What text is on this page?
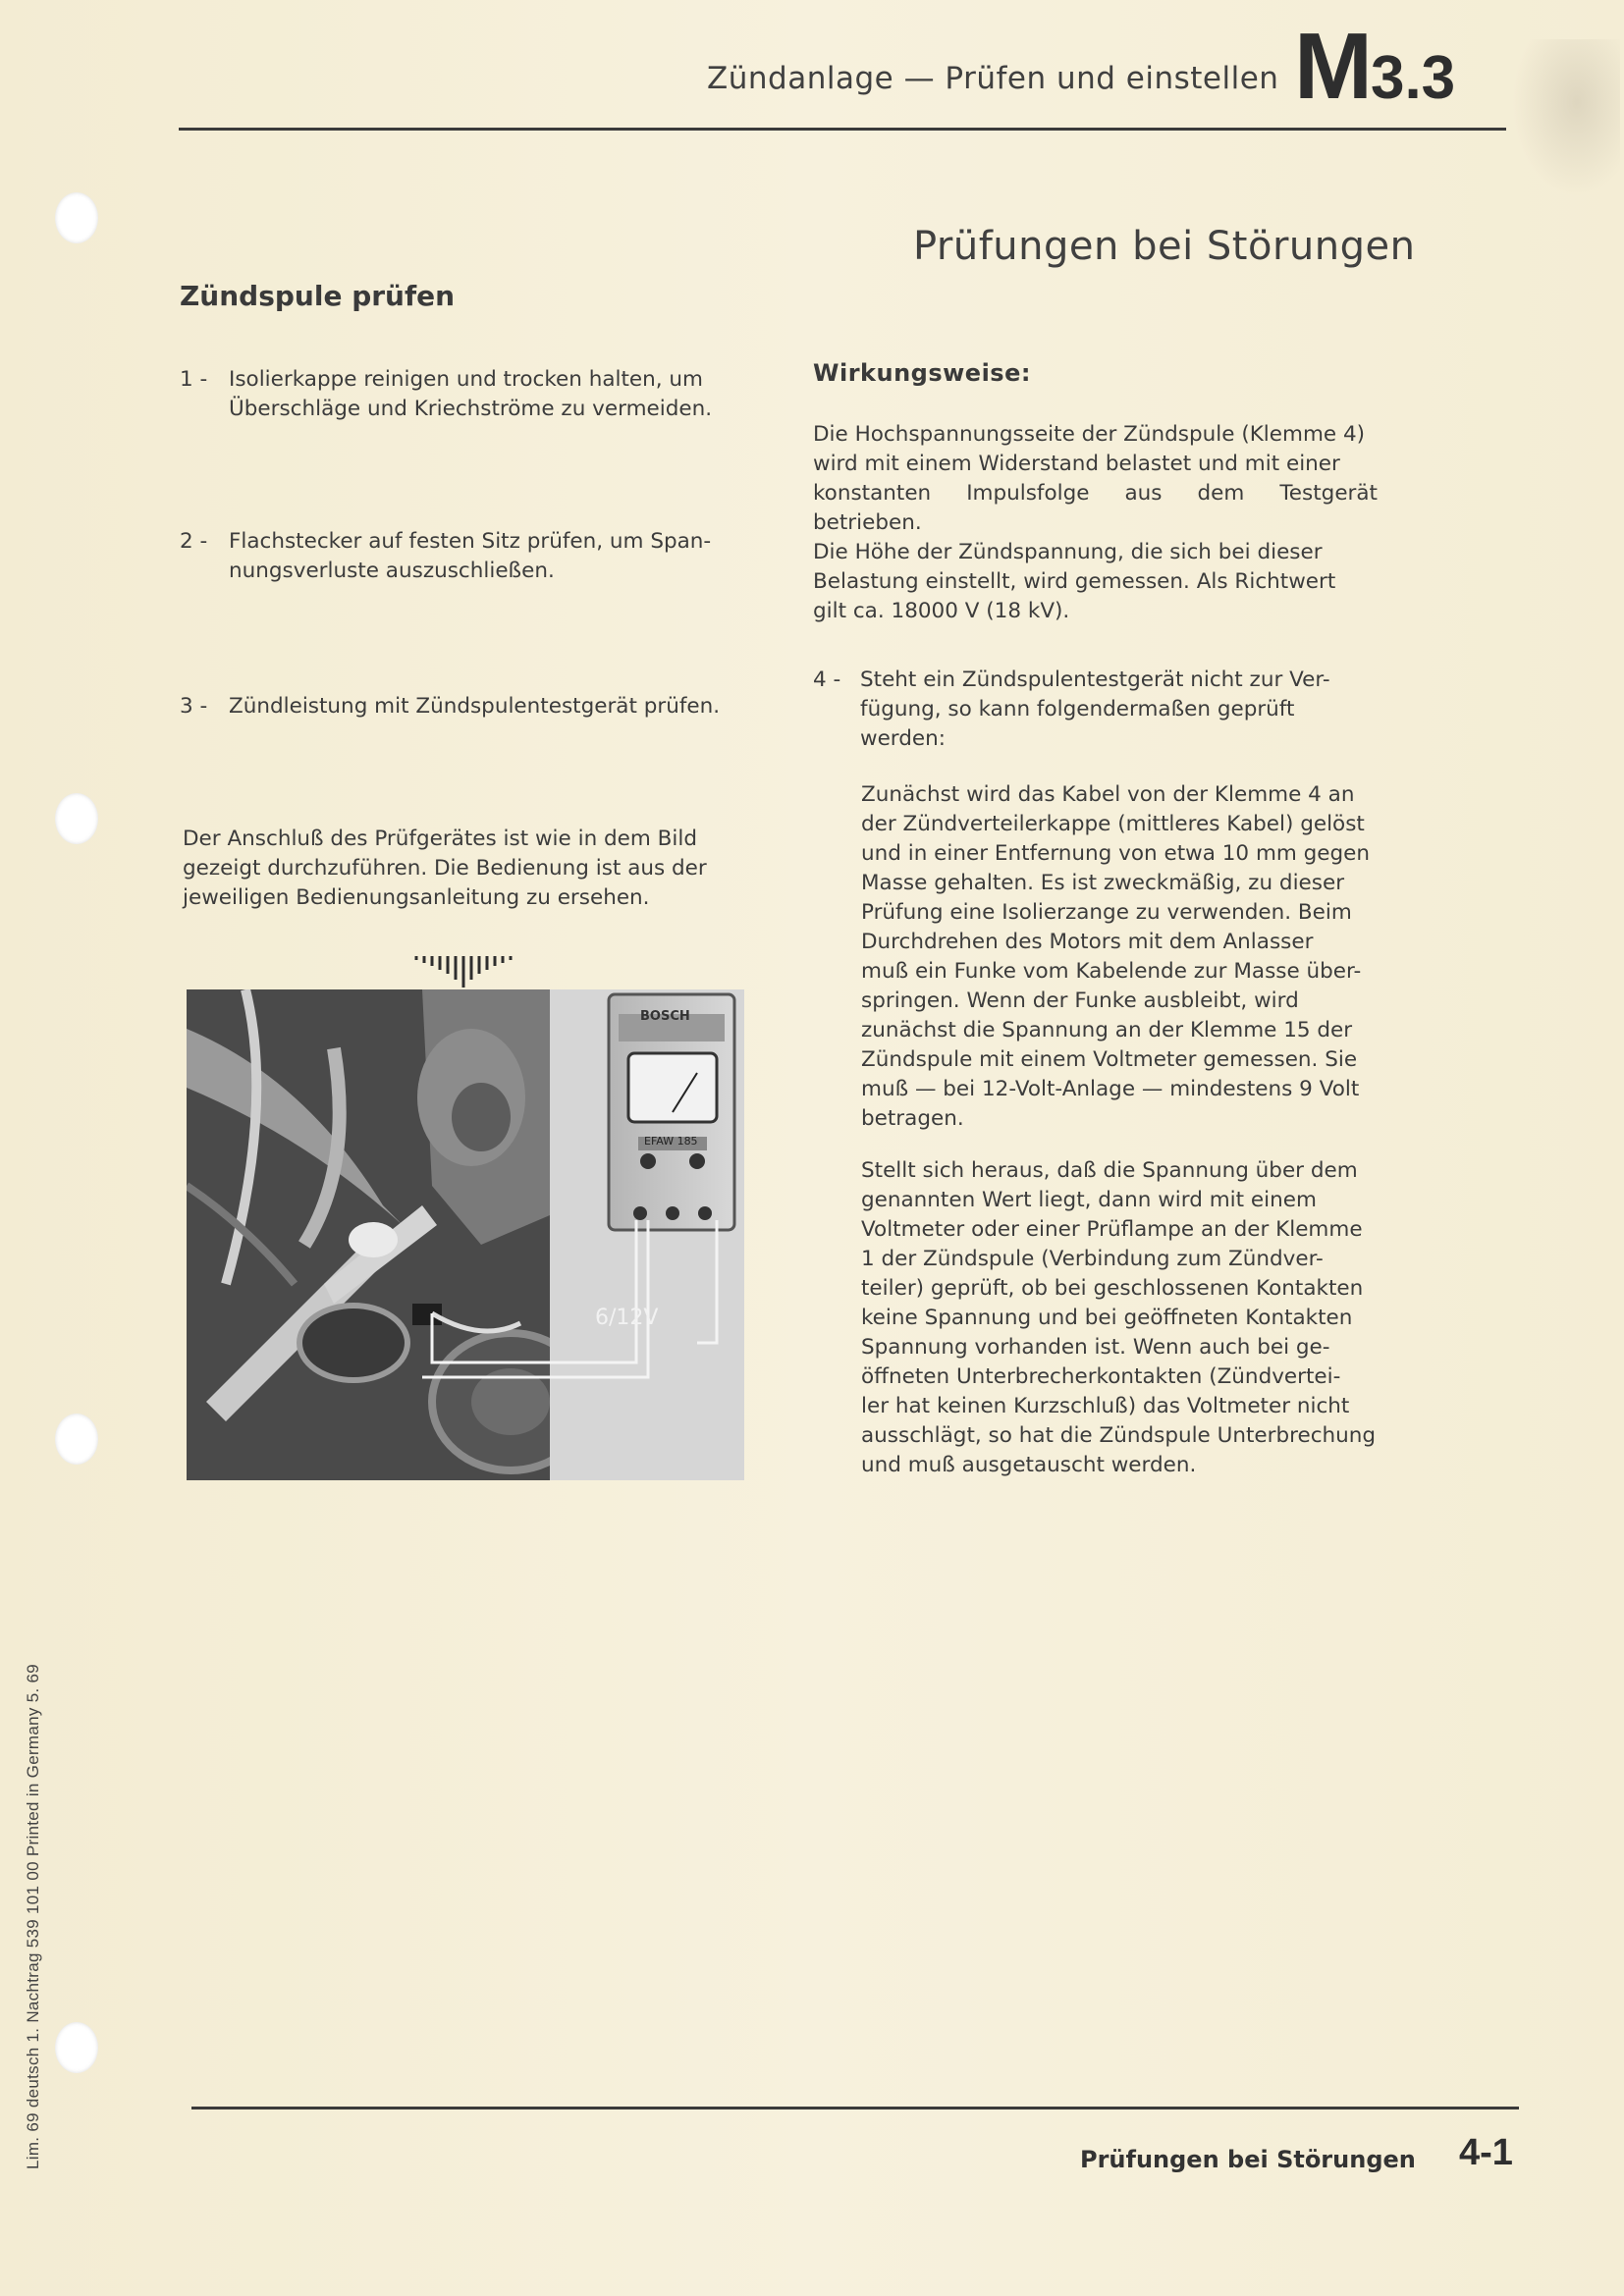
Zündanlage — Prüfen und einstellen M3.3
Zündspule prüfen
1 - Isolierkappe reinigen und trocken halten, um
Überschläge und Kriechströme zu vermeiden.
2 - Flachstecker auf festen Sitz prüfen, um Span-
nungsverluste auszuschließen.
3 - Zündleistung mit Zündspulentestgerät prüfen.
Der Anschluß des Prüfgerätes ist wie in dem Bild
gezeigt durchzuführen. Die Bedienung ist aus der
jeweiligen Bedienungsanleitung zu ersehen.
BOSCH
EFAW 185
6/12V
Prüfungen bei Störungen
Wirkungsweise:
Die Hochspannungsseite der Zündspule (Klemme 4)
wird mit einem Widerstand belastet und mit einer
konstanten Impulsfolge aus dem Testgerät betrieben.
Die Höhe der Zündspannung, die sich bei dieser
Belastung einstellt, wird gemessen. Als Richtwert
gilt ca. 18000 V (18 kV).
4 - Steht ein Zündspulentestgerät nicht zur Ver-
fügung, so kann folgendermaßen geprüft
werden:
Zunächst wird das Kabel von der Klemme 4 an
der Zündverteilerkappe (mittleres Kabel) gelöst
und in einer Entfernung von etwa 10 mm gegen
Masse gehalten. Es ist zweckmäßig, zu dieser
Prüfung eine Isolierzange zu verwenden. Beim
Durchdrehen des Motors mit dem Anlasser
muß ein Funke vom Kabelende zur Masse über-
springen. Wenn der Funke ausbleibt, wird
zunächst die Spannung an der Klemme 15 der
Zündspule mit einem Voltmeter gemessen. Sie
muß — bei 12-Volt-Anlage — mindestens 9 Volt
betragen.
Stellt sich heraus, daß die Spannung über dem
genannten Wert liegt, dann wird mit einem
Voltmeter oder einer Prüflampe an der Klemme
1 der Zündspule (Verbindung zum Zündver-
teiler) geprüft, ob bei geschlossenen Kontakten
keine Spannung und bei geöffneten Kontakten
Spannung vorhanden ist. Wenn auch bei ge-
öffneten Unterbrecherkontakten (Zündvertei-
ler hat keinen Kurzschluß) das Voltmeter nicht
ausschlägt, so hat die Zündspule Unterbrechung
und muß ausgetauscht werden.
Lim. 69 deutsch 1. Nachtrag 539 101 00 Printed in Germany 5. 69	Prüfungen bei Störungen 4-1
